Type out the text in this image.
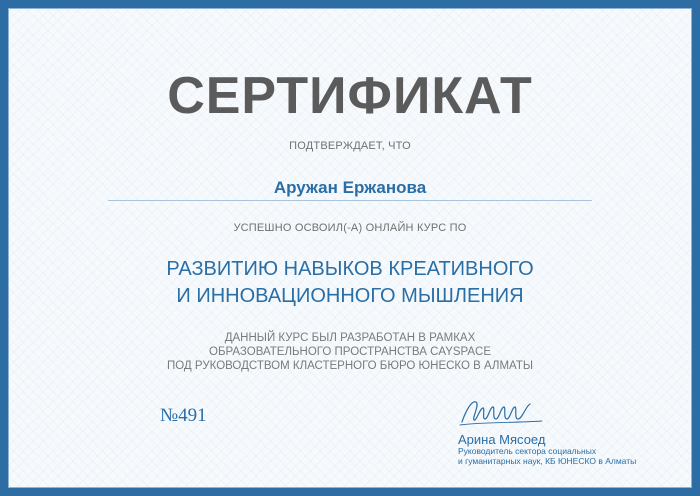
СЕРТИФИКАТ
ПОДТВЕРЖДАЕТ, ЧТО
Аружан Ержанова
УСПЕШНО ОСВОИЛ(-А) ОНЛАЙН КУРС ПО
РАЗВИТИЮ НАВЫКОВ КРЕАТИВНОГО
И ИННОВАЦИОННОГО МЫШЛЕНИЯ
ДАННЫЙ КУРС БЫЛ РАЗРАБОТАН В РАМКАХ
ОБРАЗОВАТЕЛЬНОГО ПРОСТРАНСТВА CAYSPACE
ПОД РУКОВОДСТВОМ КЛАСТЕРНОГО БЮРО ЮНЕСКО В АЛМАТЫ
№491
Арина Мясоед
Руководитель сектора социальных
и гуманитарных наук, КБ ЮНЕСКО в Алматы
